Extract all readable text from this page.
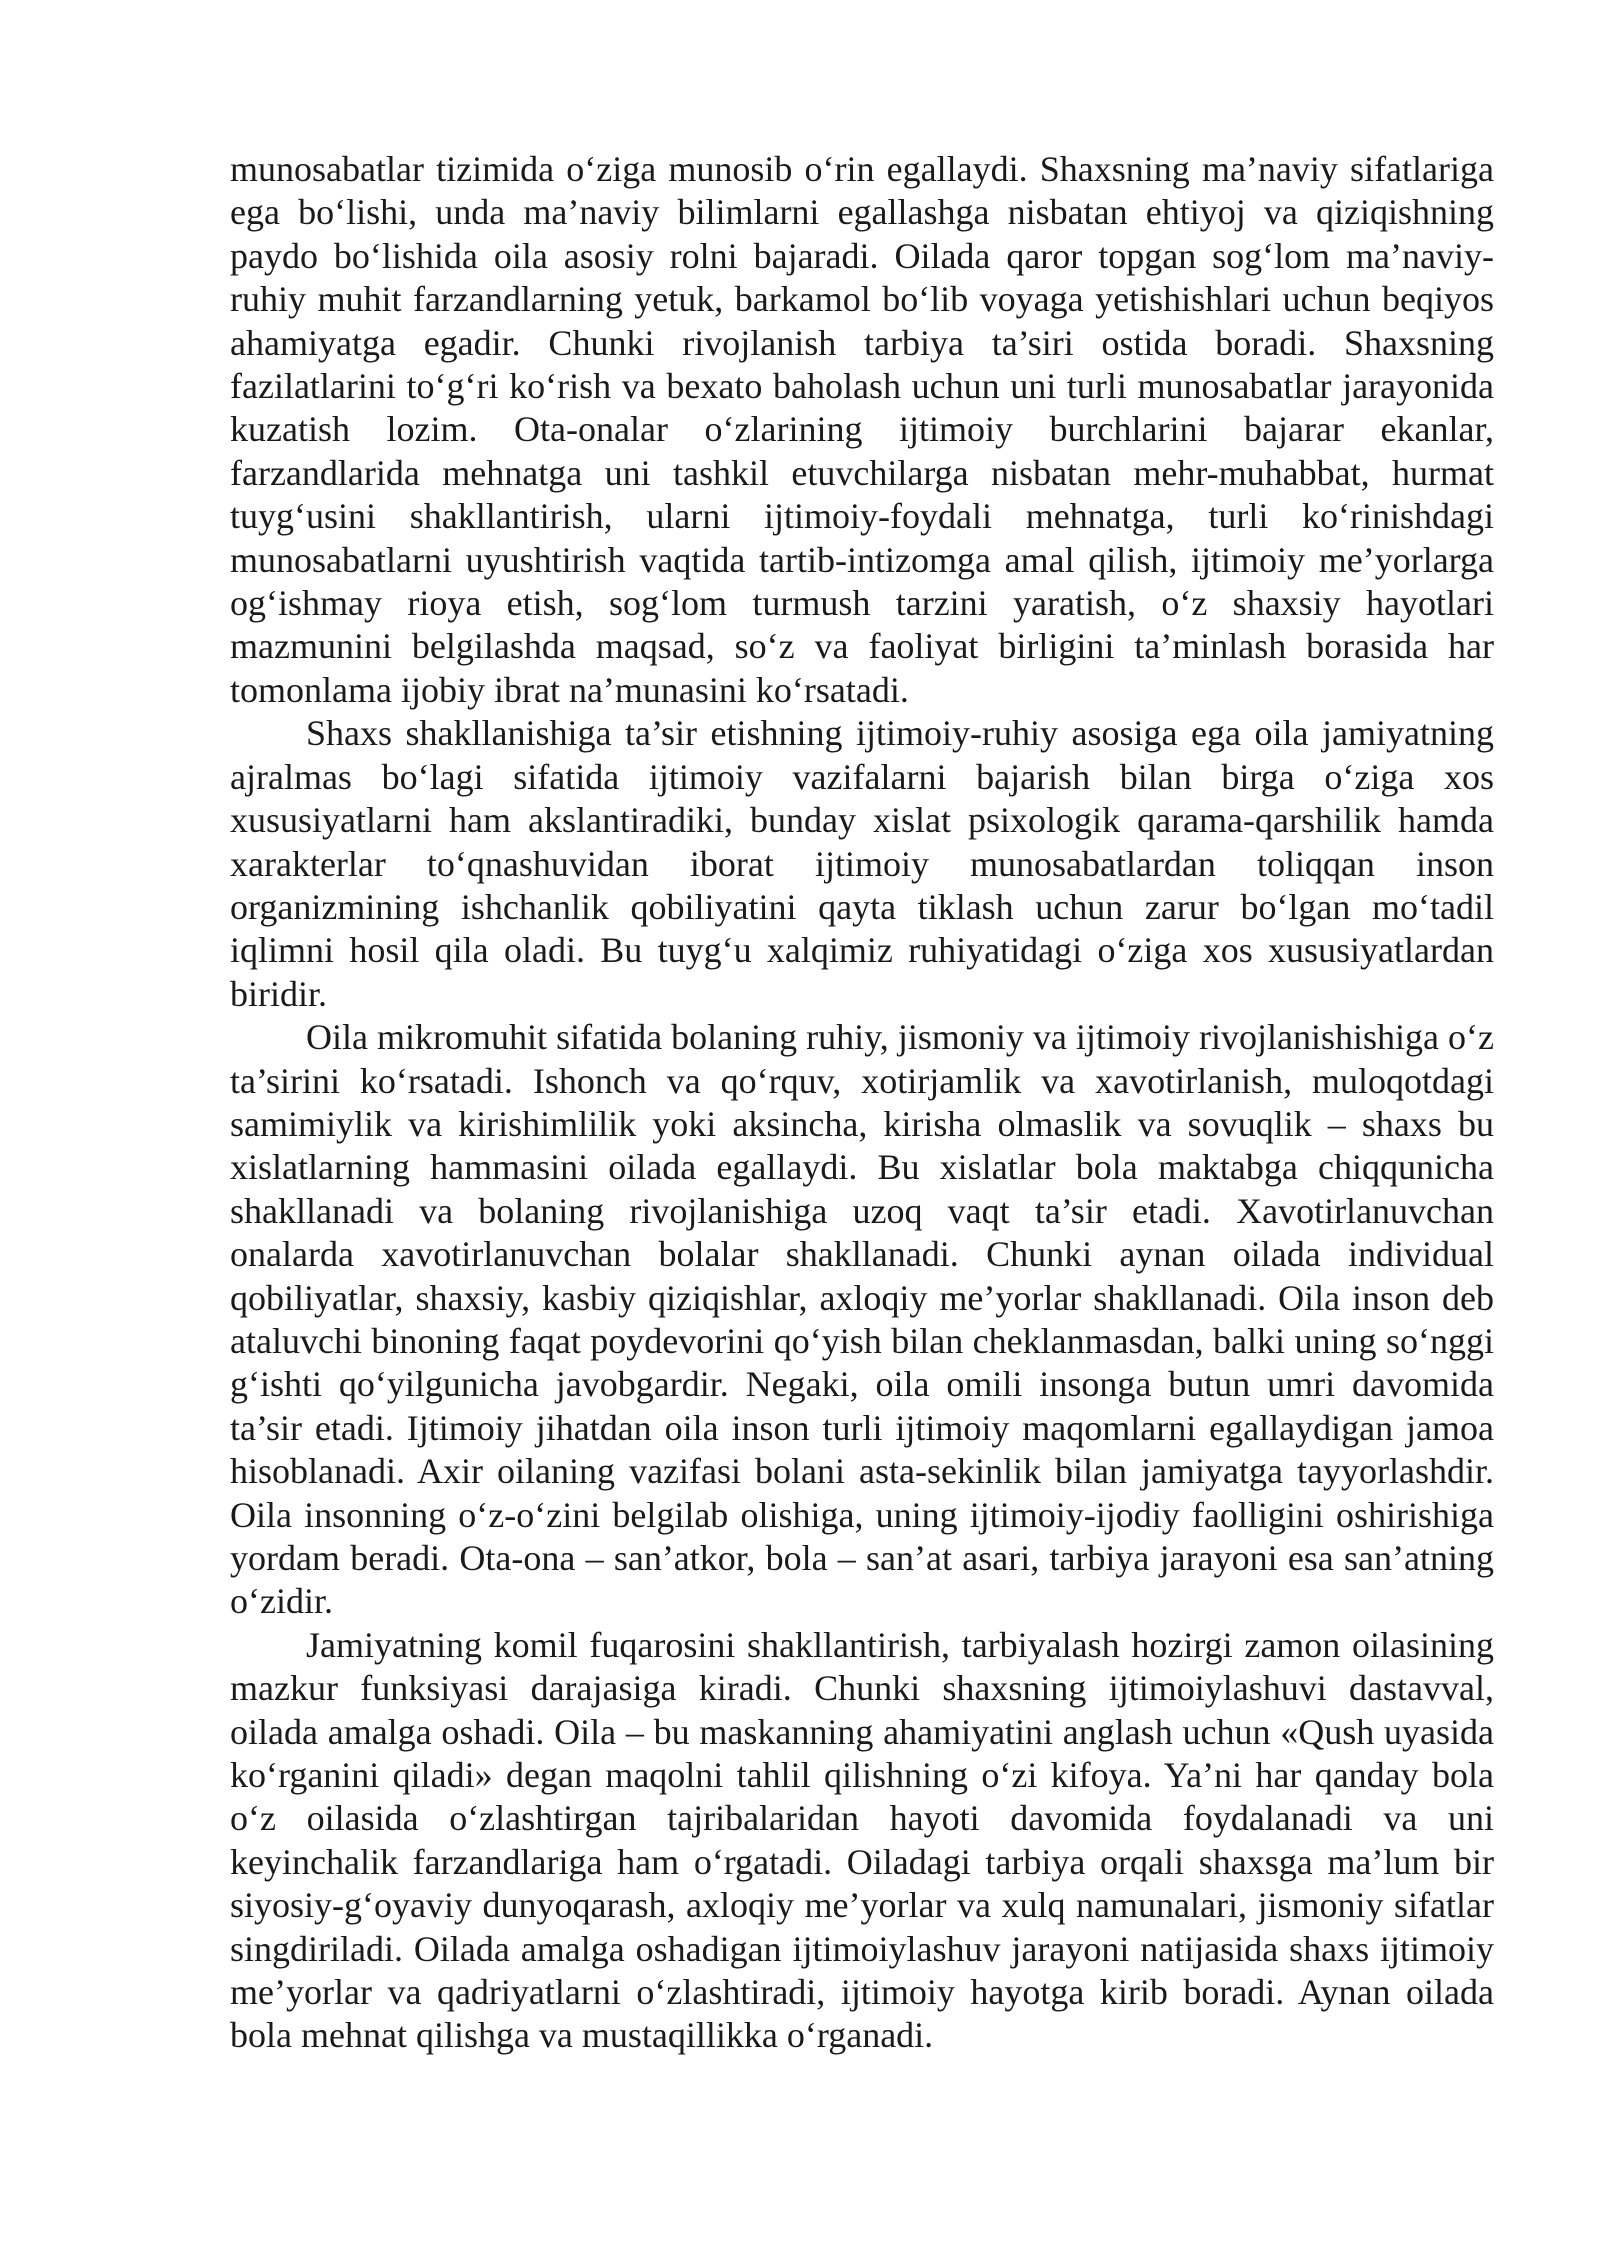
munosabatlar tizimida o‘ziga munosib o‘rin egallaydi. Shaxsning ma’naviy sifatlariga ega bo‘lishi, unda ma’naviy bilimlarni egallashga nisbatan ehtiyoj va qiziqishning paydo bo‘lishida oila asosiy rolni bajaradi. Oilada qaror topgan sog‘lom ma’naviy-ruhiy muhit farzandlarning yetuk, barkamol bo‘lib voyaga yetishishlari uchun beqiyos ahamiyatga egadir. Chunki rivojlanish tarbiya ta’siri ostida boradi. Shaxsning fazilatlarini to‘g‘ri ko‘rish va bexato baholash uchun uni turli munosabatlar jarayonida kuzatish lozim. Ota-onalar o‘zlarining ijtimoiy burchlarini bajarar ekanlar, farzandlarida mehnatga uni tashkil etuvchilarga nisbatan mehr-muhabbat, hurmat tuyg‘usini shakllantirish, ularni ijtimoiy-foydali mehnatga, turli ko‘rinishdagi munosabatlarni uyushtirish vaqtida tartib-intizomga amal qilish, ijtimoiy me’yorlarga og‘ishmay rioya etish, sog‘lom turmush tarzini yaratish, o‘z shaxsiy hayotlari mazmunini belgilashda maqsad, so‘z va faoliyat birligini ta’minlash borasida har tomonlama ijobiy ibrat na’munasini ko‘rsatadi.

Shaxs shakllanishiga ta’sir etishning ijtimoiy-ruhiy asosiga ega oila jamiyatning ajralmas bo‘lagi sifatida ijtimoiy vazifalarni bajarish bilan birga o‘ziga xos xususiyatlarni ham akslantiradiki, bunday xislat psixologik qarama-qarshilik hamda xarakterlar to‘qnashuvidan iborat ijtimoiy munosabatlardan toliqqan inson organizmining ishchanlik qobiliyatini qayta tiklash uchun zarur bo‘lgan mo‘tadil iqlimni hosil qila oladi. Bu tuyg‘u xalqimiz ruhiyatidagi o‘ziga xos xususiyatlardan biridir.

Oila mikromuhit sifatida bolaning ruhiy, jismoniy va ijtimoiy rivojlanishishiga o‘z ta’sirini ko‘rsatadi. Ishonch va qo‘rquv, xotirjamlik va xavotirlanish, muloqotdagi samimiylik va kirishimlilik yoki aksincha, kirisha olmaslik va sovuqlik – shaxs bu xislatlarning hammasini oilada egallaydi. Bu xislatlar bola maktabga chiqqunicha shakllanadi va bolaning rivojlanishiga uzoq vaqt ta’sir etadi. Xavotirlanuvchan onalarda xavotirlanuvchan bolalar shakllanadi. Chunki aynan oilada individual qobiliyatlar, shaxsiy, kasbiy qiziqishlar, axloqiy me’yorlar shakllanadi. Oila inson deb ataluvchi binoning faqat poydevorini qo‘yish bilan cheklanmasdan, balki uning so‘nggi g‘ishti qo‘yilgunicha javobgardir. Negaki, oila omili insonga butun umri davomida ta’sir etadi. Ijtimoiy jihatdan oila inson turli ijtimoiy maqomlarni egallaydigan jamoa hisoblanadi. Axir oilaning vazifasi bolani asta-sekinlik bilan jamiyatga tayyorlashdir. Oila insonning o‘z-o‘zini belgilab olishiga, uning ijtimoiy-ijodiy faolligini oshirishiga yordam beradi. Ota-ona – san’atkor, bola – san’at asari, tarbiya jarayoni esa san’atning o‘zidir.

Jamiyatning komil fuqarosini shakllantirish, tarbiyalash hozirgi zamon oilasining mazkur funksiyasi darajasiga kiradi. Chunki shaxsning ijtimoiylashuvi dastavval, oilada amalga oshadi. Oila – bu maskanning ahamiyatini anglash uchun «Qush uyasida ko‘rganini qiladi» degan maqolni tahlil qilishning o‘zi kifoya. Ya’ni har qanday bola o‘z oilasida o‘zlashtirgan tajribalaridan hayoti davomida foydalanadi va uni keyinchalik farzandlariga ham o‘rgatadi. Oiladagi tarbiya orqali shaxsga ma’lum bir siyosiy-g‘oyaviy dunyoqarash, axloqiy me’yorlar va xulq namunalari, jismoniy sifatlar singdiriladi. Oilada amalga oshadigan ijtimoiylashuv jarayoni natijasida shaxs ijtimoiy me’yorlar va qadriyatlarni o‘zlashtiradi, ijtimoiy hayotga kirib boradi. Aynan oilada bola mehnat qilishga va mustaqillikka o‘rganadi.
